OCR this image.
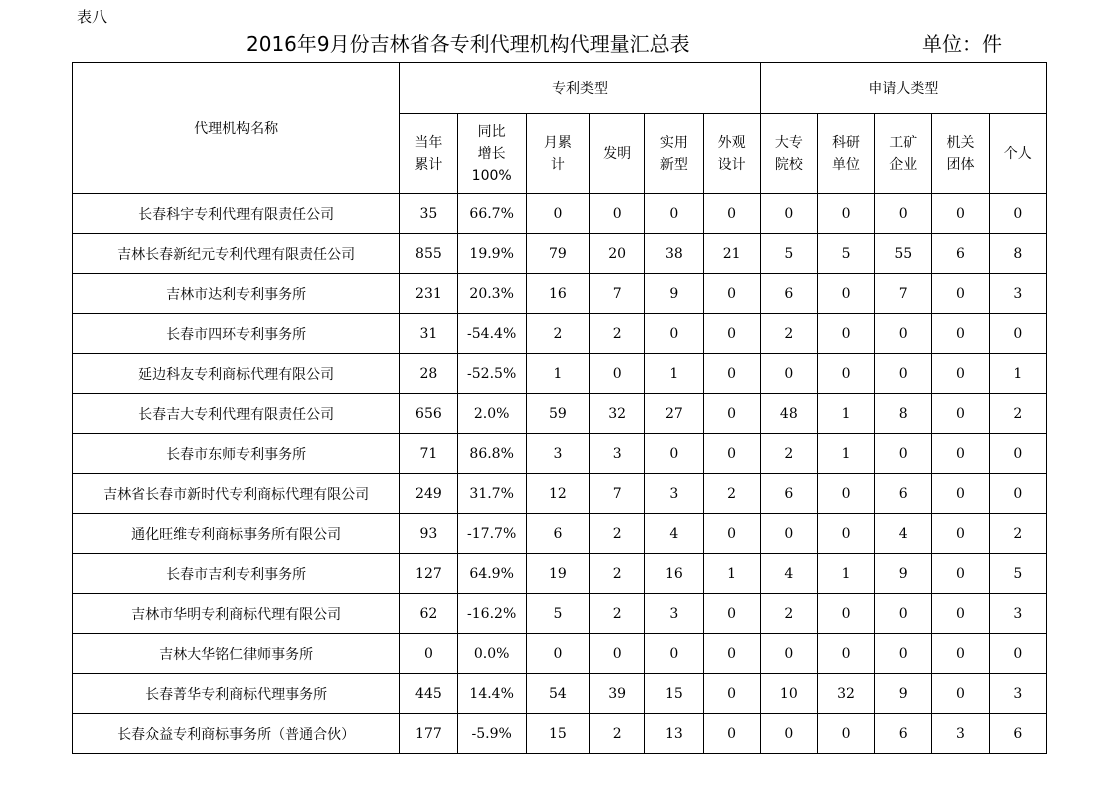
表八
2016年9月份吉林省各专利代理机构代理量汇总表	单位：件
代理机构名称	专利类型						申请人类型				
	当年累计	同比增长100%	月累计	发明	实用新型	外观设计	大专院校	科研单位	工矿企业	机关团体	个人
长春科宇专利代理有限责任公司	35	66.7%	0	0	0	0	0	0	0	0	0
吉林长春新纪元专利代理有限责任公司	855	19.9%	79	20	38	21	5	5	55	6	8
吉林市达利专利事务所	231	20.3%	16	7	9	0	6	0	7	0	3
长春市四环专利事务所	31	-54.4%	2	2	0	0	2	0	0	0	0
延边科友专利商标代理有限公司	28	-52.5%	1	0	1	0	0	0	0	0	1
长春吉大专利代理有限责任公司	656	2.0%	59	32	27	0	48	1	8	0	2
长春市东师专利事务所	71	86.8%	3	3	0	0	2	1	0	0	0
吉林省长春市新时代专利商标代理有限公司	249	31.7%	12	7	3	2	6	0	6	0	0
通化旺维专利商标事务所有限公司	93	-17.7%	6	2	4	0	0	0	4	0	2
长春市吉利专利事务所	127	64.9%	19	2	16	1	4	1	9	0	5
吉林市华明专利商标代理有限公司	62	-16.2%	5	2	3	0	2	0	0	0	3
吉林大华铭仁律师事务所	0	0.0%	0	0	0	0	0	0	0	0	0
长春菁华专利商标代理事务所	445	14.4%	54	39	15	0	10	32	9	0	3
长春众益专利商标事务所（普通合伙）	177	-5.9%	15	2	13	0	0	0	6	3	6
